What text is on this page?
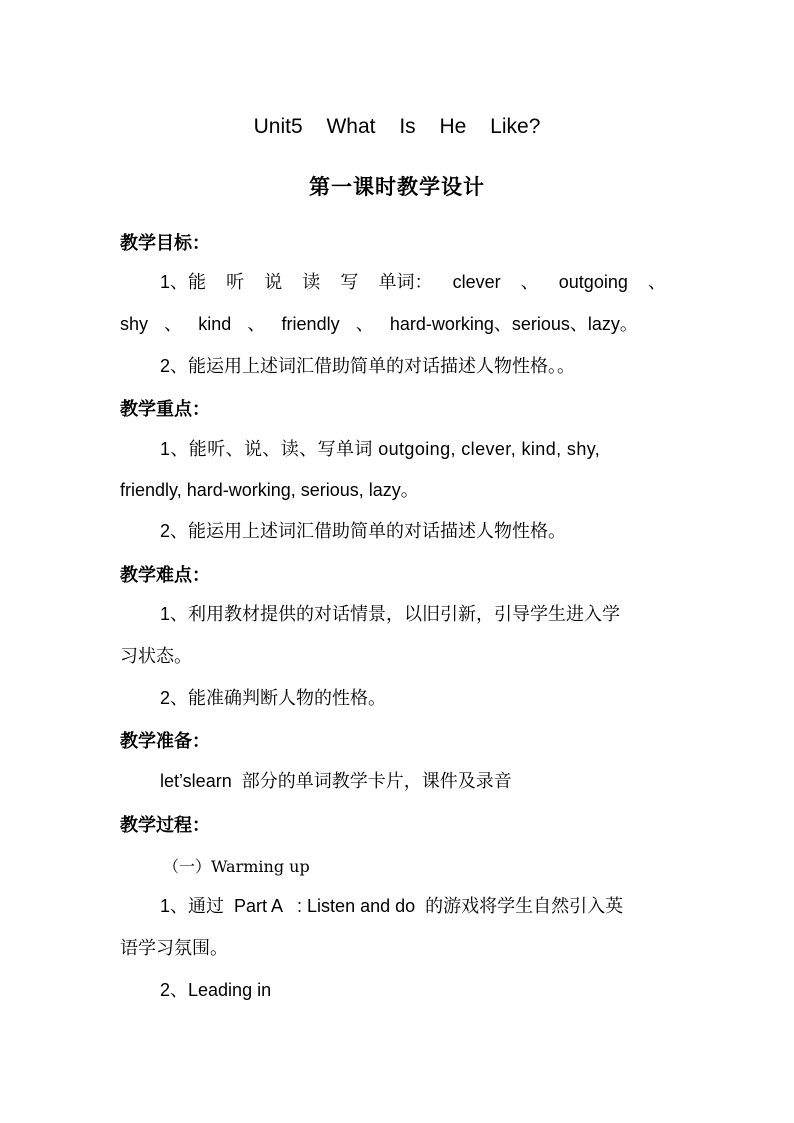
Unit5 What Is He Like?
第一课时教学设计
教学目标：
1、能 听 说 读 写 单词： clever 、 outgoing 、
shy 、 kind 、 friendly 、 hard-working、serious、lazy。
2、能运用上述词汇借助简单的对话描述人物性格。。
教学重点：
1、能听、说、读、写单词 outgoing, clever, kind, shy,
friendly, hard-working, serious, lazy。
2、能运用上述词汇借助简单的对话描述人物性格。
教学难点：
1、利用教材提供的对话情景，以旧引新，引导学生进入学
习状态。
2、能准确判断人物的性格。
教学准备：
let’slearn  部分的单词教学卡片，课件及录音
教学过程：
（一）Warming up
1、通过  Part A   : Listen and do  的游戏将学生自然引入英
语学习氛围。
2、Leading in
